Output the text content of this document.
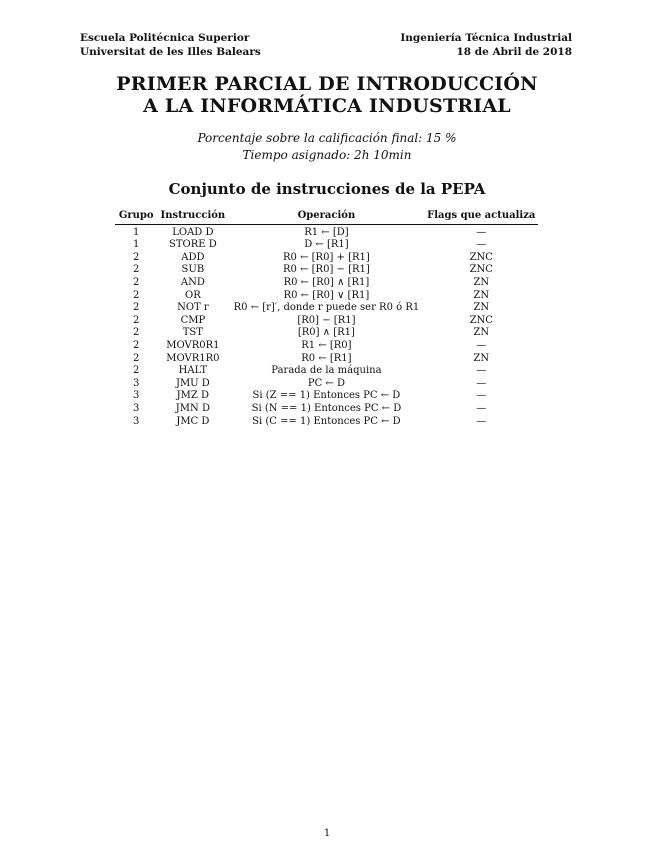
Escuela Politécnica Superior
Universitat de les Illes Balears
Ingeniería Técnica Industrial
18 de Abril de 2018
PRIMER PARCIAL DE INTRODUCCIÓN
A LA INFORMÁTICA INDUSTRIAL
Porcentaje sobre la calificación final: 15 %
Tiempo asignado: 2h 10min
Conjunto de instrucciones de la PEPA
Grupo	Instrucción	Operación	Flags que actualiza
1	LOAD D	R1 ← [D]	—
1	STORE D	D ← [R1]	—
2	ADD	R0 ← [R0] + [R1]	ZNC
2	SUB	R0 ← [R0] − [R1]	ZNC
2	AND	R0 ← [R0] ∧ [R1]	ZN
2	OR	R0 ← [R0] ∨ [R1]	ZN
2	NOT r	R0 ← [r]′, donde r puede ser R0 ó R1	ZN
2	CMP	[R0] − [R1]	ZNC
2	TST	[R0] ∧ [R1]	ZN
2	MOVR0R1	R1 ← [R0]	—
2	MOVR1R0	R0 ← [R1]	ZN
2	HALT	Parada de la máquina	—
3	JMU D	PC ← D	—
3	JMZ D	Si (Z == 1) Entonces PC ← D	—
3	JMN D	Si (N == 1) Entonces PC ← D	—
3	JMC D	Si (C == 1) Entonces PC ← D	—
1
